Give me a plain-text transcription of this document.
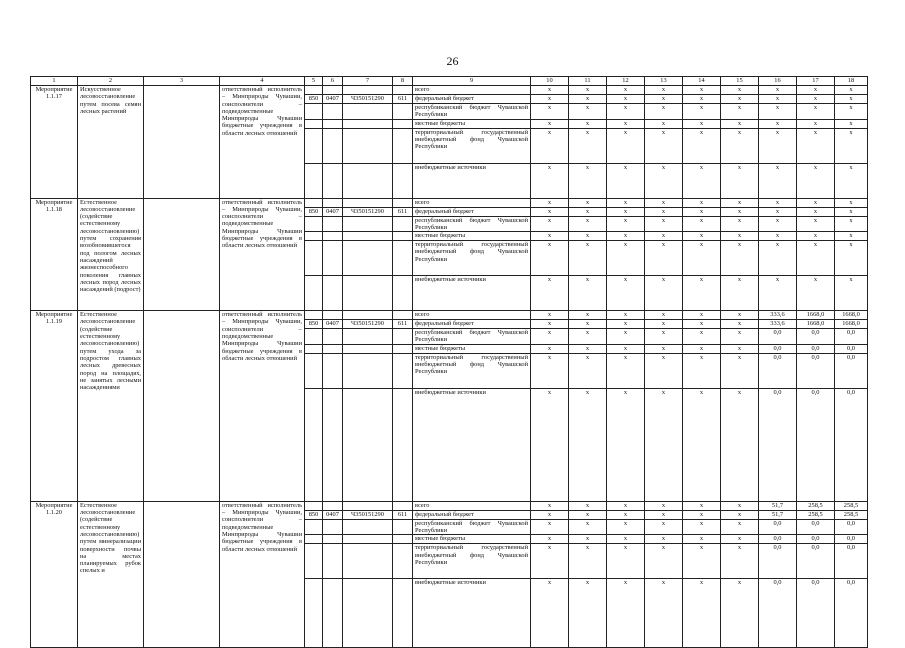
26
1	2	3	4	5	6	7	8	9	10	11	12	13	14	15	16	17	18
Мероприятие 1.1.17	Искусственное лесовосстановление путем посева семян лесных растений		ответственный исполнитель – Минприроды Чувашии, соисполнители – подведомственные Минприроды Чувашии бюджетные учреждения в области лесных отношений					всего	x	x	x	x	x	x	x	x	x
				850	0407	Ч350151290	611	федеральный бюджет	x	x	x	x	x	x	x	x	x
								республиканский бюджет Чувашской Республики	x	x	x	x	x	x	x	x	x
								местные бюджеты	x	x	x	x	x	x	x	x	x
								территориальный государственный внебюджетный фонд Чувашской Республики	x	x	x	x	x	x	x	x	x
								внебюджетные источники	x	x	x	x	x	x	x	x	x
Мероприятие 1.1.18	Естественное лесовосстановление (содействие естественному лесовосстановлению) путем сохранения возобновившегося под пологом лесных насаждений жизнеспособного поколения главных лесных пород лесных насаждений (подрост)		ответственный исполнитель – Минприроды Чувашии, соисполнители – подведомственные Минприроды Чувашии бюджетные учреждения в области лесных отношений					всего	x	x	x	x	x	x	x	x	x
				850	0407	Ч350151290	611	федеральный бюджет	x	x	x	x	x	x	x	x	x
								республиканский бюджет Чувашской Республики	x	x	x	x	x	x	x	x	x
								местные бюджеты	x	x	x	x	x	x	x	x	x
								территориальный государственный внебюджетный фонд Чувашской Республики	x	x	x	x	x	x	x	x	x
								внебюджетные источники	x	x	x	x	x	x	x	x	x
Мероприятие 1.1.19	Естественное лесовосстановление (содействие естественному лесовосстановлению) путем ухода за подростом главных лесных древесных пород на площадях, не занятых лесными насаждениями		ответственный исполнитель – Минприроды Чувашии, соисполнители – подведомственные Минприроды Чувашии бюджетные учреждения в области лесных отношений					всего	x	x	x	x	x	x	333,6	1668,0	1668,0
				850	0407	Ч350151290	611	федеральный бюджет	x	x	x	x	x	x	333,6	1668,0	1668,0
								республиканский бюджет Чувашской Республики	x	x	x	x	x	x	0,0	0,0	0,0
								местные бюджеты	x	x	x	x	x	x	0,0	0,0	0,0
								территориальный государственный внебюджетный фонд Чувашской Республики	x	x	x	x	x	x	0,0	0,0	0,0
								внебюджетные источники	x	x	x	x	x	x	0,0	0,0	0,0
Мероприятие 1.1.20	Естественное лесовосстановление (содействие естественному лесовосстановлению) путем минерализации поверхности почвы на местах планируемых рубок спелых и		ответственный исполнитель – Минприроды Чувашии, соисполнители – подведомственные Минприроды Чувашии бюджетные учреждения в области лесных отношений					всего	x	x	x	x	x	x	51,7	258,5	258,5
				850	0407	Ч350151290	611	федеральный бюджет	x	x	x	x	x	x	51,7	258,5	258,5
								республиканский бюджет Чувашской Республики	x	x	x	x	x	x	0,0	0,0	0,0
								местные бюджеты	x	x	x	x	x	x	0,0	0,0	0,0
								территориальный государственный внебюджетный фонд Чувашской Республики	x	x	x	x	x	x	0,0	0,0	0,0
								внебюджетные источники	x	x	x	x	x	x	0,0	0,0	0,0
